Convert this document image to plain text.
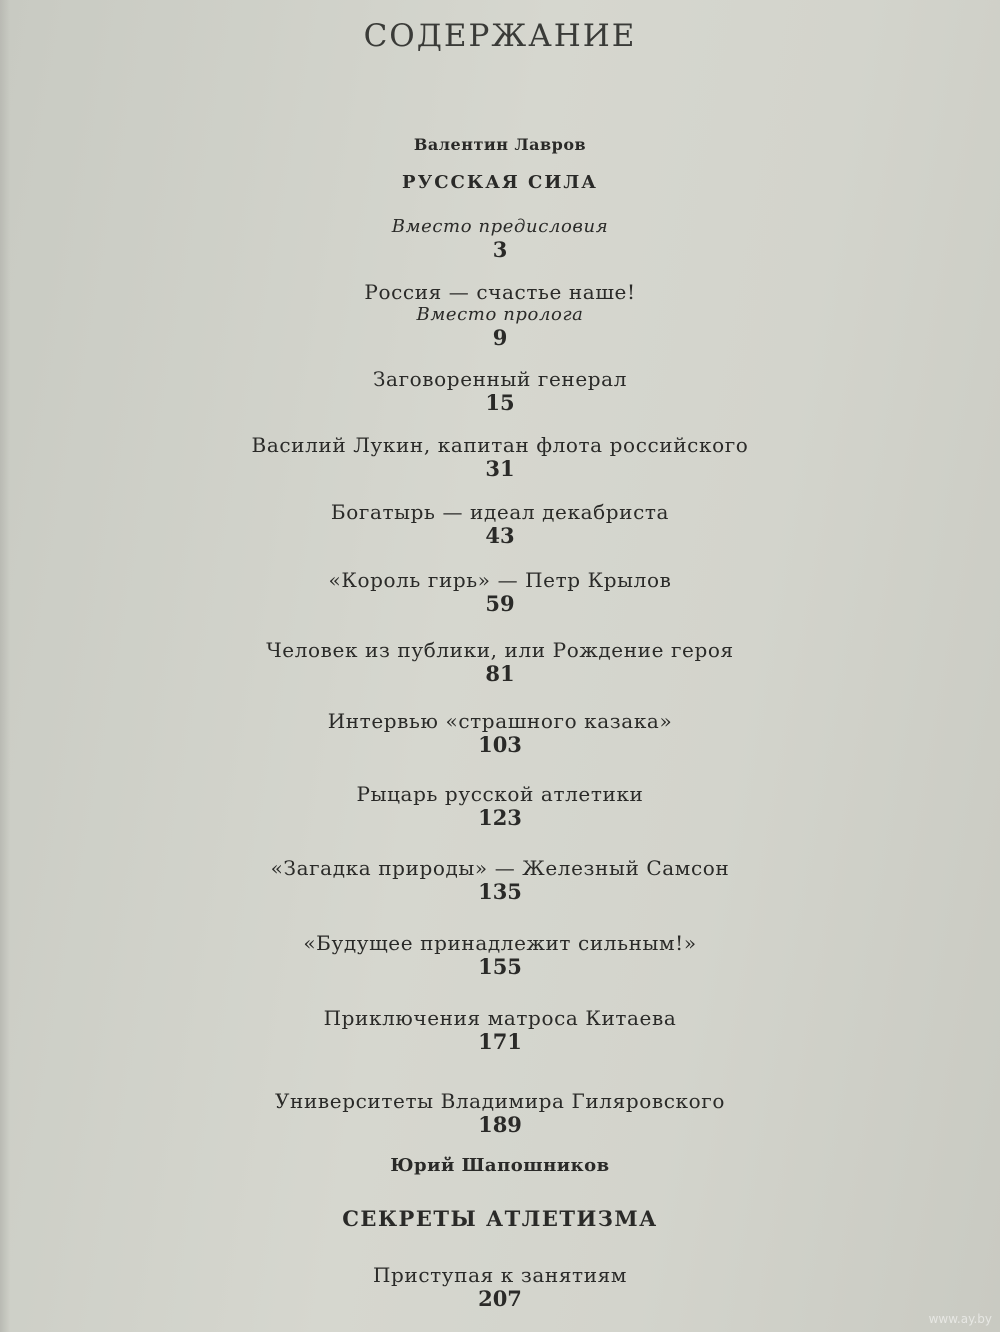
СОДЕРЖАНИЕ
Валентин Лавров
РУССКАЯ СИЛА
Вместо предисловия
3
Россия — счастье наше!
Вместо пролога
9
Заговоренный генерал
15
Василий Лукин, капитан флота российского
31
Богатырь — идеал декабриста
43
«Король гирь» — Петр Крылов
59
Человек из публики, или Рождение героя
81
Интервью «страшного казака»
103
Рыцарь русской атлетики
123
«Загадка природы» — Железный Самсон
135
«Будущее принадлежит сильным!»
155
Приключения матроса Китаева
171
Университеты Владимира Гиляровского
189
Юрий Шапошников
СЕКРЕТЫ АТЛЕТИЗМА
Приступая к занятиям
207
www.ay.by
